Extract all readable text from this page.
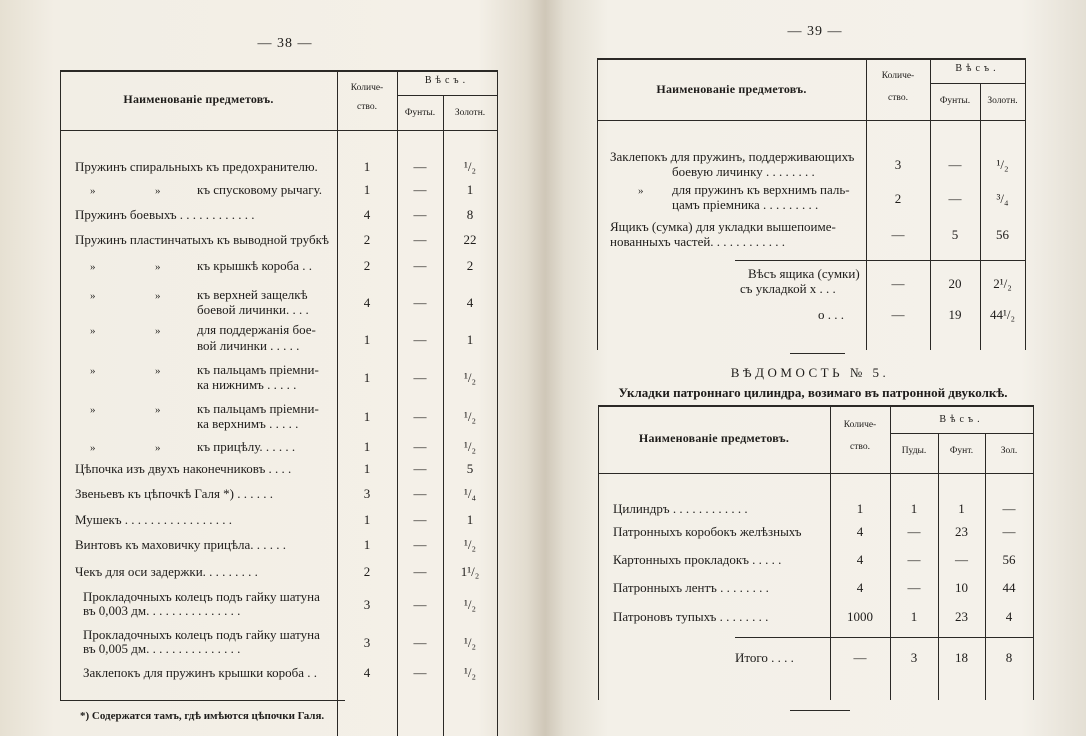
— 38 —
Наименованіе предметовъ.
Количе-
ство.
Вѣсъ.
Фунты.	Золотн.
*) Содержатся тамъ, гдѣ имѣются цѣпочки Галя.
— 39 —
Наименованіе предметовъ.
Количе-
ство.
Вѣсъ.
Фунты.	Золотн.
ВѢДОМОСТЬ № 5.
Укладки патроннаго цилиндра, возимаго въ патронной двуколкѣ.
Наименованіе предметовъ.
Количе-
ство.
Вѣсъ.
Пуды.	Фунт.	Зол.
Пружинъ спиральныхъ къ предохранителю.	1	—	¹/₂
»	»	къ спусковому рычагу.	1	—	1
Пружинъ боевыхъ . . . . . . . . . . . .	4	—	8
Пружинъ пластинчатыхъ къ выводной трубкѣ	2	—	22
»	»	къ крышкѣ короба . .	2	—	2
»	»	къ верхней защелкѣ
боевой личинки. . . .	4	—	4
»	»	для поддержанія бое-
вой личинки . . . . .	1	—	1
»	»	къ пальцамъ пріемни-
ка нижнимъ . . . . .	1	—	¹/₂
»	»	къ пальцамъ пріемни-
ка верхнимъ . . . . .	1	—	¹/₂
»	»	къ прицѣлу. . . . . .	1	—	¹/₂
Цѣпочка изъ двухъ наконечниковъ . . . .	1	—	5
Звеньевъ къ цѣпочкѣ Галя *) . . . . . .	3	—	¹/₄
Мушекъ . . . . . . . . . . . . . . . . .	1	—	1
Винтовъ къ маховичку прицѣла. . . . . .	1	—	¹/₂
Чекъ для оси задержки. . . . . . . . .	2	—	1¹/₂
Прокладочныхъ колецъ подъ гайку шатуна
въ 0,003 дм. . . . . . . . . . . . . . .	3	—	¹/₂
Прокладочныхъ колецъ подъ гайку шатуна
въ 0,005 дм. . . . . . . . . . . . . . .	3	—	¹/₂
Заклепокъ для пружинъ крышки короба . .	4	—	¹/₂
Заклепокъ для пружинъ, поддерживающихъ
боевую личинку . . . . . . . .	3	—	¹/₂
» для пружинъ къ верхнимъ паль-
цамъ пріемника . . . . . . . . .	2	—	³/₄
Ящикъ (сумка) для укладки вышепоиме-
нованныхъ частей. . . . . . . . . . . .	—	5	56
Вѣсъ ящика (сумки)
съ укладкой x . . .	—	20	2¹/₂
o . . .	—	19	44¹/₂
Цилиндръ . . . . . . . . . . . .	1	1	1	—
Патронныхъ коробокъ желѣзныхъ	4	—	23	—
Картонныхъ прокладокъ . . . . .	4	—	—	56
Патронныхъ лентъ . . . . . . . .	4	—	10	44
Патроновъ тупыхъ . . . . . . . .	1000	1	23	4
Итого . . . .	—	3	18	8
